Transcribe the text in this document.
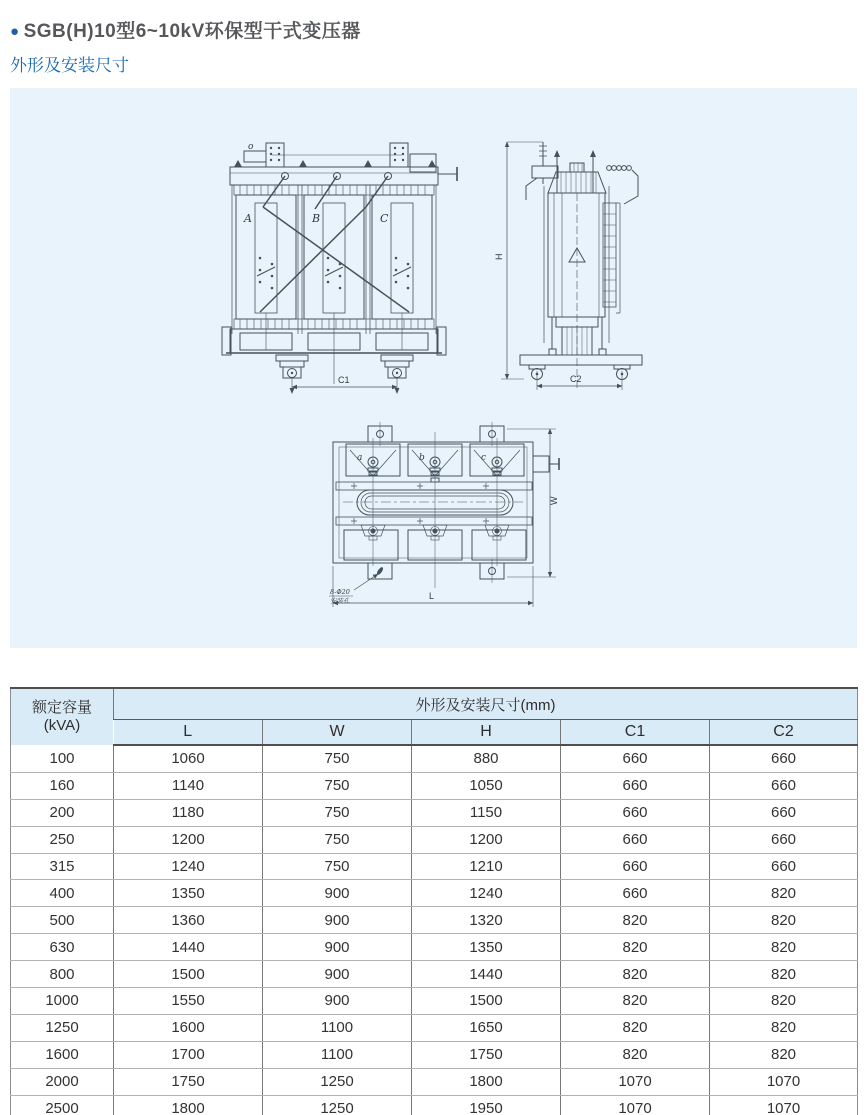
● SGB(H)10型6~10kV环保型干式变压器
外形及安装尺寸
o
A	B	C
C1
H
C2
a	b	c
L
W
8-Φ20
安装孔
额定容量
(kVA)	外形及安装尺寸(mm)				
	L	W	H	C1	C2
100	1060	750	880	660	660
160	1140	750	1050	660	660
200	1180	750	1150	660	660
250	1200	750	1200	660	660
315	1240	750	1210	660	660
400	1350	900	1240	660	820
500	1360	900	1320	820	820
630	1440	900	1350	820	820
800	1500	900	1440	820	820
1000	1550	900	1500	820	820
1250	1600	1100	1650	820	820
1600	1700	1100	1750	820	820
2000	1750	1250	1800	1070	1070
2500	1800	1250	1950	1070	1070
